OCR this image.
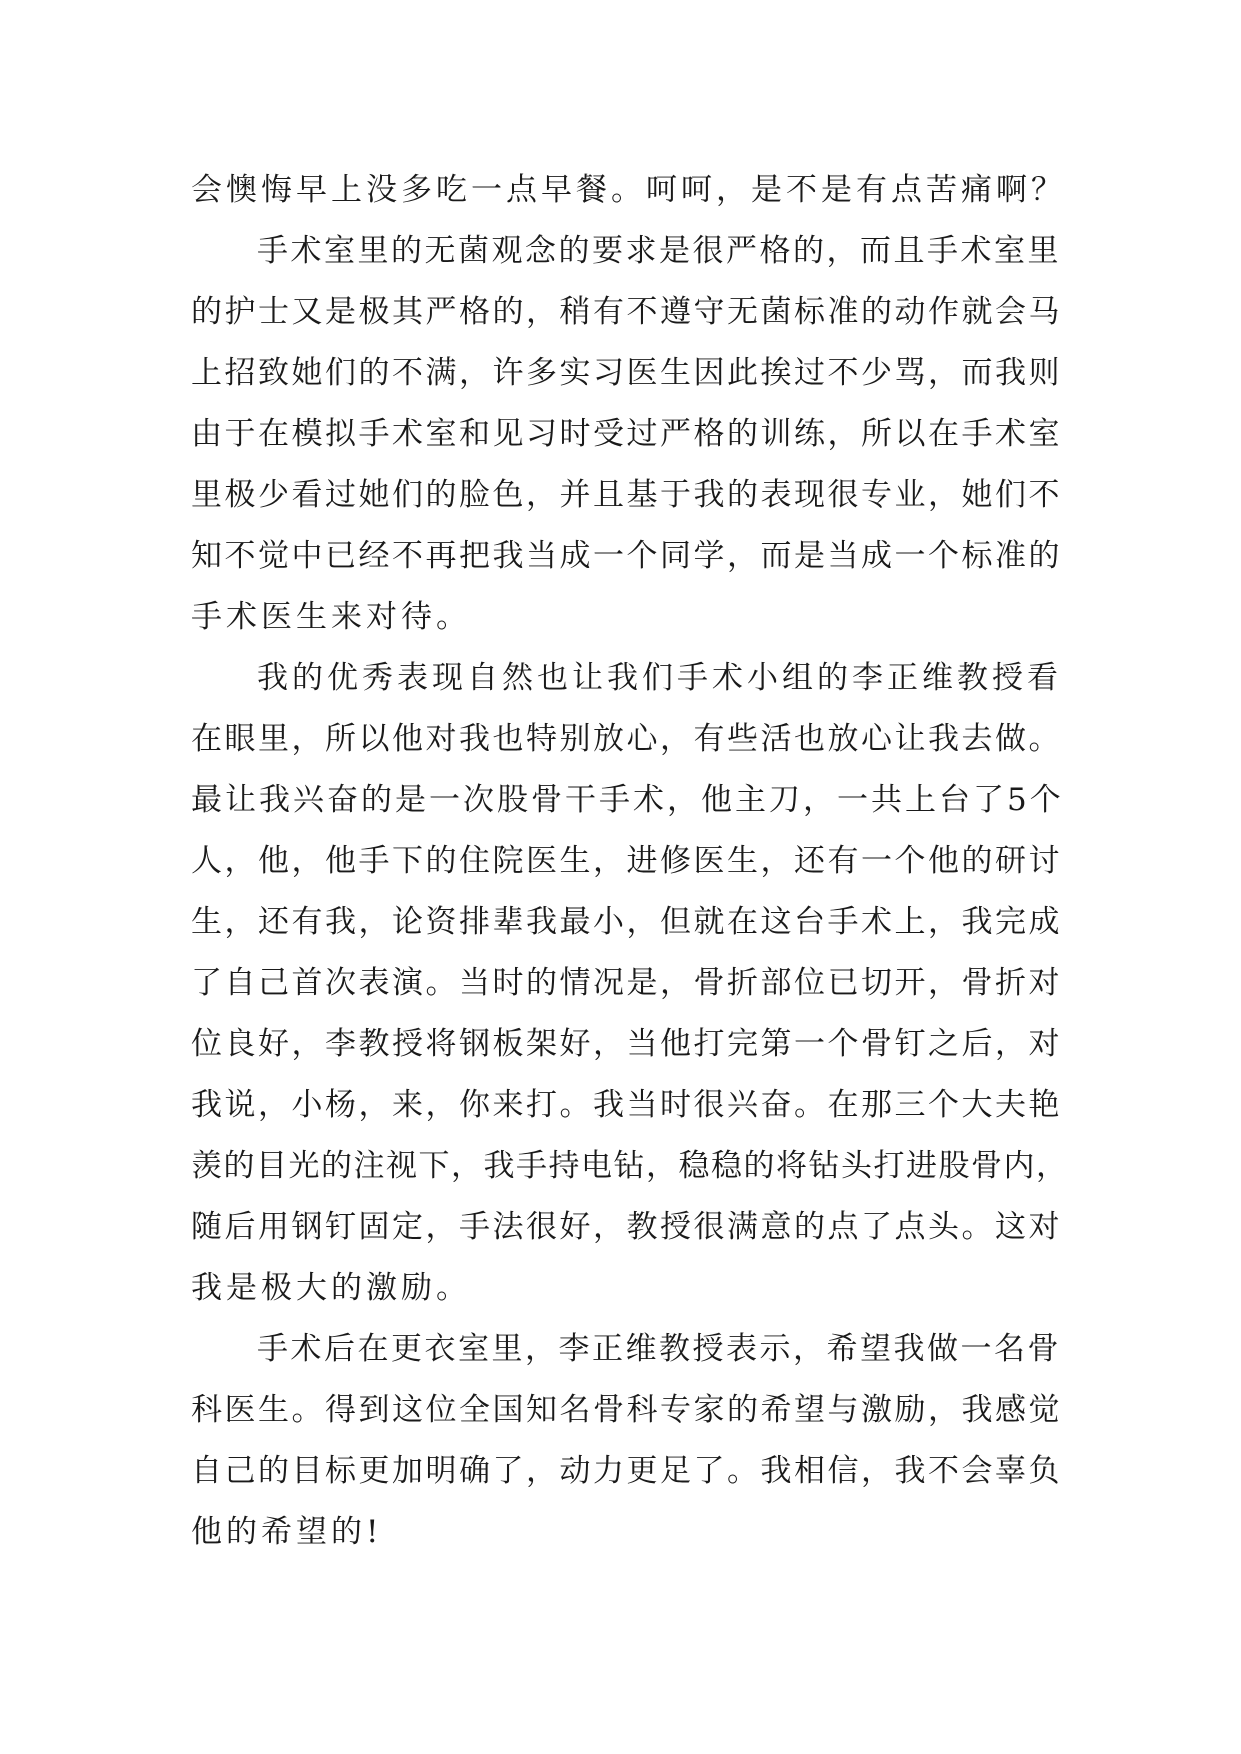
会懊悔早上没多吃一点早餐。呵呵，是不是有点苦痛啊？
手术室里的无菌观念的要求是很严格的，而且手术室里
的护士又是极其严格的，稍有不遵守无菌标准的动作就会马
上招致她们的不满，许多实习医生因此挨过不少骂，而我则
由于在模拟手术室和见习时受过严格的训练，所以在手术室
里极少看过她们的脸色，并且基于我的表现很专业，她们不
知不觉中已经不再把我当成一个同学，而是当成一个标准的
手术医生来对待。
我的优秀表现自然也让我们手术小组的李正维教授看
在眼里，所以他对我也特别放心，有些活也放心让我去做。
最让我兴奋的是一次股骨干手术，他主刀，一共上台了5个
人，他，他手下的住院医生，进修医生，还有一个他的研讨
生，还有我，论资排辈我最小，但就在这台手术上，我完成
了自己首次表演。当时的情况是，骨折部位已切开，骨折对
位良好，李教授将钢板架好，当他打完第一个骨钉之后，对
我说，小杨，来，你来打。我当时很兴奋。在那三个大夫艳
羡的目光的注视下，我手持电钻，稳稳的将钻头打进股骨内，
随后用钢钉固定，手法很好，教授很满意的点了点头。这对
我是极大的激励。
手术后在更衣室里，李正维教授表示，希望我做一名骨
科医生。得到这位全国知名骨科专家的希望与激励，我感觉
自己的目标更加明确了，动力更足了。我相信，我不会辜负
他的希望的!
